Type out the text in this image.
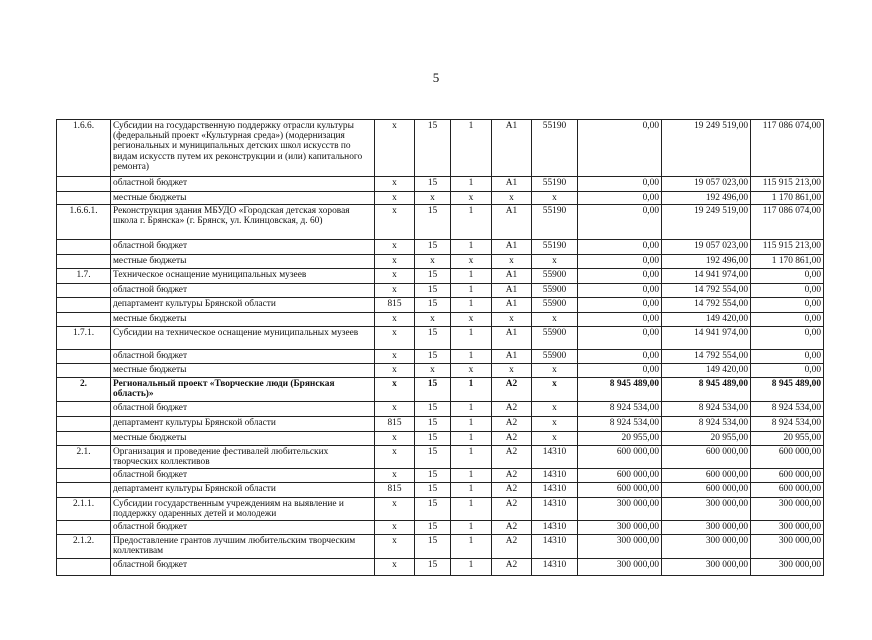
5
1.6.6.	Субсидии на государственную поддержку отрасли культуры (федеральный проект «Культурная среда») (модернизация региональных и муниципальных детских школ искусств по видам искусств путем их реконструкции и (или) капитального ремонта)	х	15	1	А1	55190	0,00	19 249 519,00	117 086 074,00
	областной бюджет	х	15	1	А1	55190	0,00	19 057 023,00	115 915 213,00
	местные бюджеты	х	х	х	х	х	0,00	192 496,00	1 170 861,00
1.6.6.1.	Реконструкция здания МБУДО «Городская детская хоровая школа г. Брянска» (г. Брянск, ул. Клинцовская, д. 60)	х	15	1	А1	55190	0,00	19 249 519,00	117 086 074,00
	областной бюджет	х	15	1	А1	55190	0,00	19 057 023,00	115 915 213,00
	местные бюджеты	х	х	х	х	х	0,00	192 496,00	1 170 861,00
1.7.	Техническое оснащение муниципальных музеев	х	15	1	А1	55900	0,00	14 941 974,00	0,00
	областной бюджет	х	15	1	А1	55900	0,00	14 792 554,00	0,00
	департамент культуры Брянской области	815	15	1	А1	55900	0,00	14 792 554,00	0,00
	местные бюджеты	х	х	х	х	х	0,00	149 420,00	0,00
1.7.1.	Субсидии на техническое оснащение муниципальных музеев	х	15	1	А1	55900	0,00	14 941 974,00	0,00
	областной бюджет	х	15	1	А1	55900	0,00	14 792 554,00	0,00
	местные бюджеты	х	х	х	х	х	0,00	149 420,00	0,00
2.	Региональный проект «Творческие люди (Брянская область)»	х	15	1	А2	х	8 945 489,00	8 945 489,00	8 945 489,00
	областной бюджет	х	15	1	А2	х	8 924 534,00	8 924 534,00	8 924 534,00
	департамент культуры Брянской области	815	15	1	А2	х	8 924 534,00	8 924 534,00	8 924 534,00
	местные бюджеты	х	15	1	А2	х	20 955,00	20 955,00	20 955,00
2.1.	Организация и проведение фестивалей любительских творческих коллективов	х	15	1	А2	14310	600 000,00	600 000,00	600 000,00
	областной бюджет	х	15	1	А2	14310	600 000,00	600 000,00	600 000,00
	департамент культуры Брянской области	815	15	1	А2	14310	600 000,00	600 000,00	600 000,00
2.1.1.	Субсидии государственным учреждениям на выявление и поддержку одаренных детей и молодежи	х	15	1	А2	14310	300 000,00	300 000,00	300 000,00
	областной бюджет	х	15	1	А2	14310	300 000,00	300 000,00	300 000,00
2.1.2.	Предоставление грантов лучшим любительским творческим коллективам	х	15	1	А2	14310	300 000,00	300 000,00	300 000,00
	областной бюджет	х	15	1	А2	14310	300 000,00	300 000,00	300 000,00
